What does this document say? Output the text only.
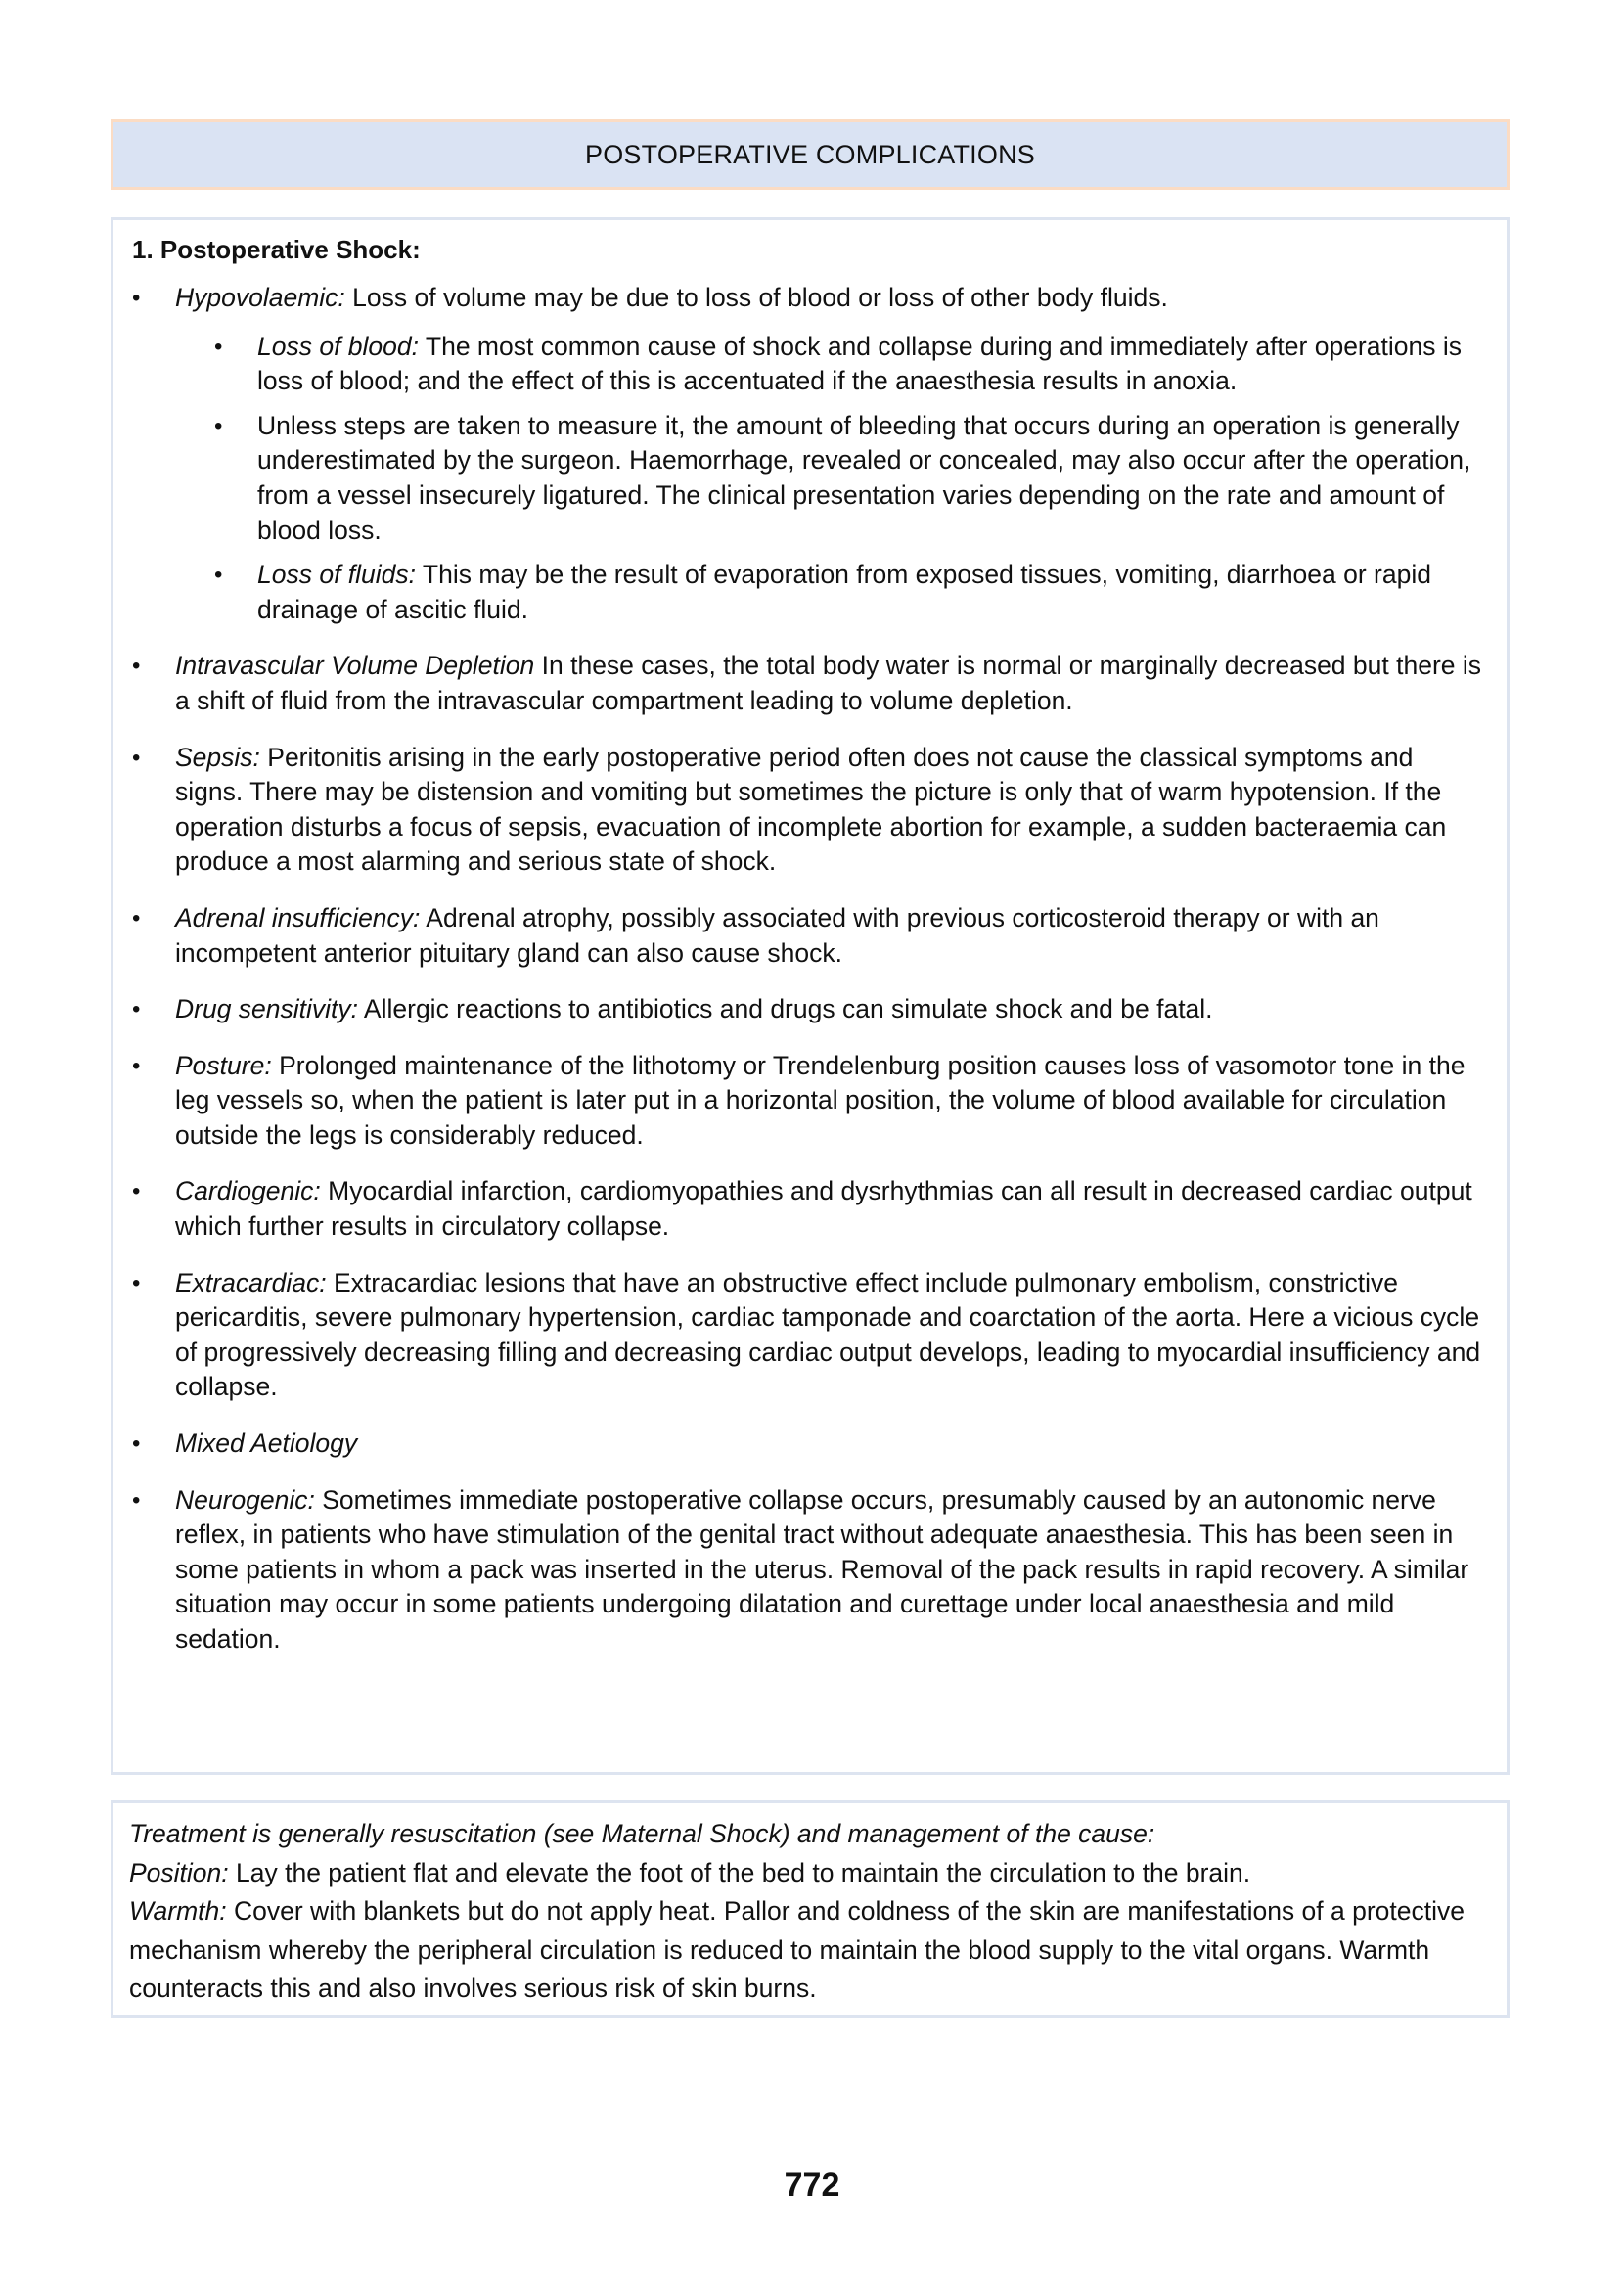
POSTOPERATIVE COMPLICATIONS
1. Postoperative Shock:
• Hypovolaemic: Loss of volume may be due to loss of blood or loss of other body fluids.
• Loss of blood: The most common cause of shock and collapse during and immediately after operations is loss of blood; and the effect of this is accentuated if the anaesthesia results in anoxia.
• Unless steps are taken to measure it, the amount of bleeding that occurs during an operation is generally underestimated by the surgeon. Haemorrhage, revealed or concealed, may also occur after the operation, from a vessel insecurely ligatured. The clinical presentation varies depending on the rate and amount of blood loss.
• Loss of fluids: This may be the result of evaporation from exposed tissues, vomiting, diarrhoea or rapid drainage of ascitic fluid.
• Intravascular Volume Depletion In these cases, the total body water is normal or marginally decreased but there is a shift of fluid from the intravascular compartment leading to volume depletion.
• Sepsis: Peritonitis arising in the early postoperative period often does not cause the classical symptoms and signs. There may be distension and vomiting but sometimes the picture is only that of warm hypotension. If the operation disturbs a focus of sepsis, evacuation of incomplete abortion for example, a sudden bacteraemia can produce a most alarming and serious state of shock.
• Adrenal insufficiency: Adrenal atrophy, possibly associated with previous corticosteroid therapy or with an incompetent anterior pituitary gland can also cause shock.
• Drug sensitivity: Allergic reactions to antibiotics and drugs can simulate shock and be fatal.
• Posture: Prolonged maintenance of the lithotomy or Trendelenburg position causes loss of vasomotor tone in the leg vessels so, when the patient is later put in a horizontal position, the volume of blood available for circulation outside the legs is considerably reduced.
• Cardiogenic: Myocardial infarction, cardiomyopathies and dysrhythmias can all result in decreased cardiac output which further results in circulatory collapse.
• Extracardiac: Extracardiac lesions that have an obstructive effect include pulmonary embolism, constrictive pericarditis, severe pulmonary hypertension, cardiac tamponade and coarctation of the aorta. Here a vicious cycle of progressively decreasing filling and decreasing cardiac output develops, leading to myocardial insufficiency and collapse.
• Mixed Aetiology
• Neurogenic: Sometimes immediate postoperative collapse occurs, presumably caused by an autonomic nerve reflex, in patients who have stimulation of the genital tract without adequate anaesthesia. This has been seen in some patients in whom a pack was inserted in the uterus. Removal of the pack results in rapid recovery. A similar situation may occur in some patients undergoing dilatation and curettage under local anaesthesia and mild sedation.
Treatment is generally resuscitation (see Maternal Shock) and management of the cause:
Position: Lay the patient flat and elevate the foot of the bed to maintain the circulation to the brain.
Warmth: Cover with blankets but do not apply heat. Pallor and coldness of the skin are manifestations of a protective mechanism whereby the peripheral circulation is reduced to maintain the blood supply to the vital organs. Warmth counteracts this and also involves serious risk of skin burns.
772
